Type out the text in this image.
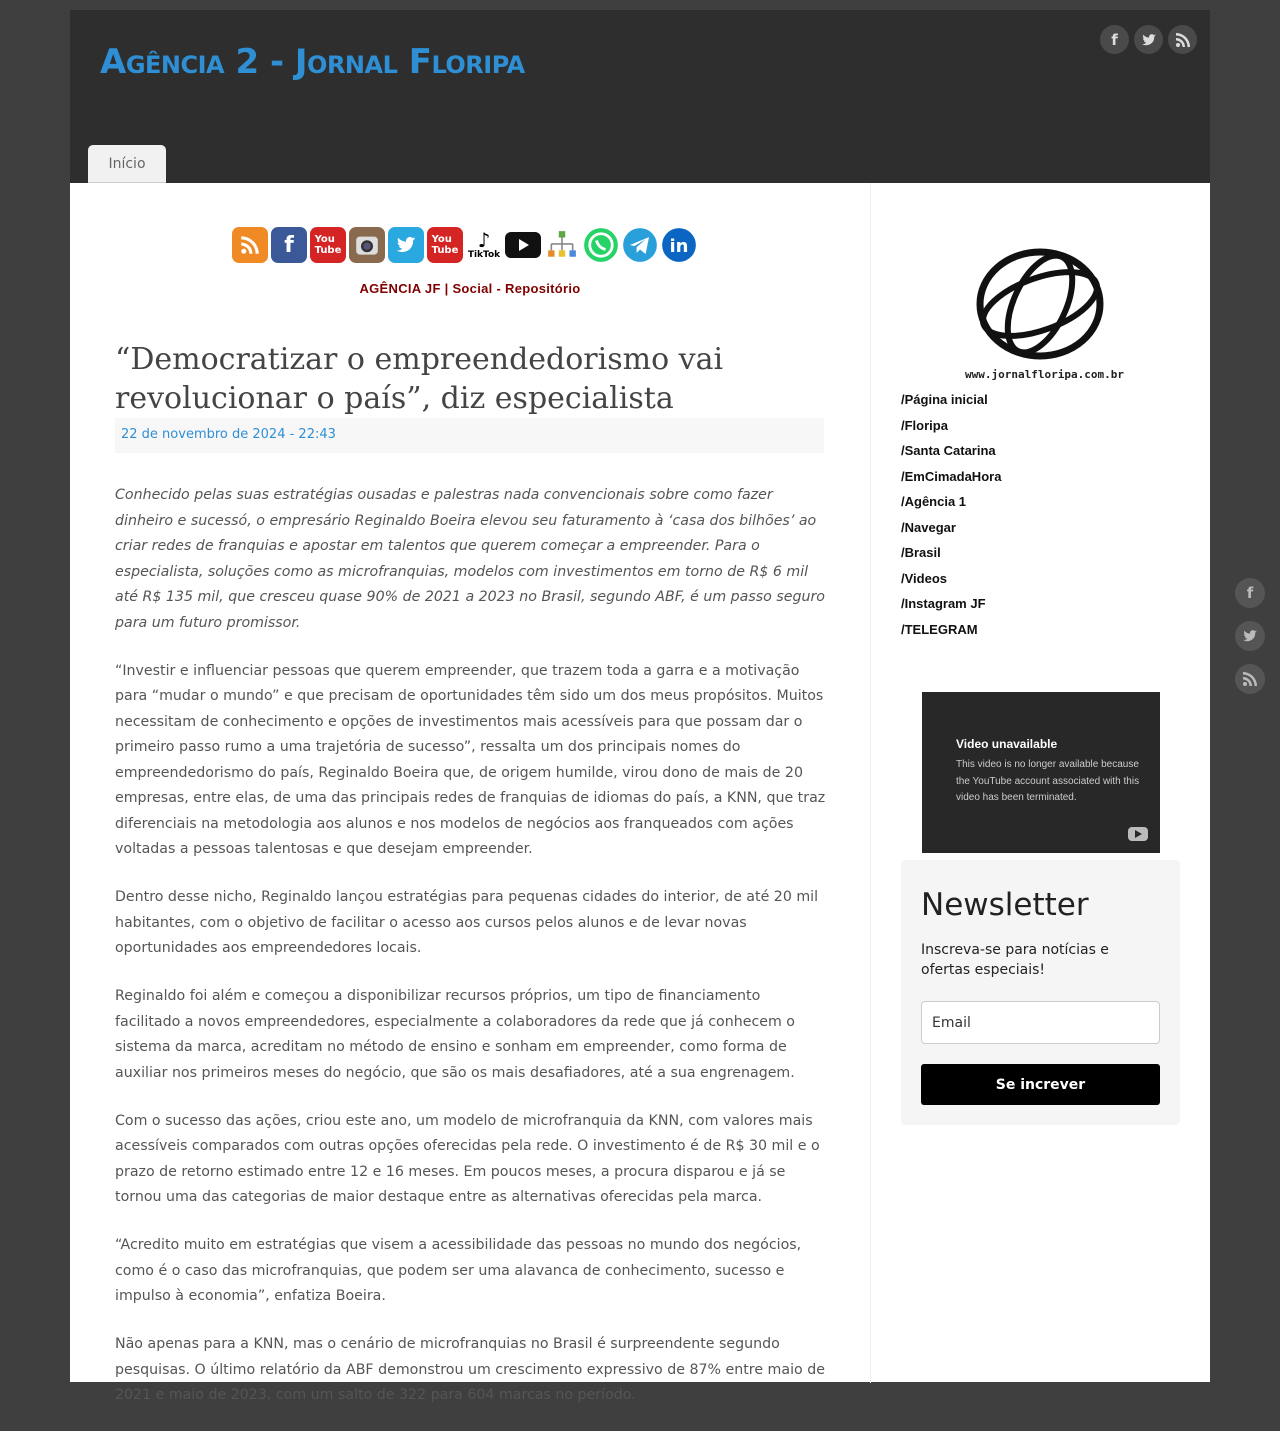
Agência 2 - Jornal Floripa
f
Início
f	You
Tube
You
Tube ♪
TikTok	in
AGÊNCIA JF | Social - Repositório
“Democratizar o empreendedorismo vai revolucionar o país”, diz especialista
22 de novembro de 2024 - 22:43

Conhecido pelas suas estratégias ousadas e palestras nada convencionais sobre como fazer dinheiro e sucessó, o empresário Reginaldo Boeira elevou seu faturamento à ‘casa dos bilhões’ ao criar redes de franquias e apostar em talentos que querem começar a empreender. Para o especialista, soluções como as microfranquias, modelos com investimentos em torno de R$ 6 mil até R$ 135 mil, que cresceu quase 90% de 2021 a 2023 no Brasil, segundo ABF, é um passo seguro para um futuro promissor.

“Investir e influenciar pessoas que querem empreender, que trazem toda a garra e a motivação para “mudar o mundo” e que precisam de oportunidades têm sido um dos meus propósitos. Muitos necessitam de conhecimento e opções de investimentos mais acessíveis para que possam dar o primeiro passo rumo a uma trajetória de sucesso”, ressalta um dos principais nomes do empreendedorismo do país, Reginaldo Boeira que, de origem humilde, virou dono de mais de 20 empresas, entre elas, de uma das principais redes de franquias de idiomas do país, a KNN, que traz diferenciais na metodologia aos alunos e nos modelos de negócios aos franqueados com ações voltadas a pessoas talentosas e que desejam empreender.

Dentro desse nicho, Reginaldo lançou estratégias para pequenas cidades do interior, de até 20 mil habitantes, com o objetivo de facilitar o acesso aos cursos pelos alunos e de levar novas oportunidades aos empreendedores locais.

Reginaldo foi além e começou a disponibilizar recursos próprios, um tipo de financiamento facilitado a novos empreendedores, especialmente a colaboradores da rede que já conhecem o sistema da marca, acreditam no método de ensino e sonham em empreender, como forma de auxiliar nos primeiros meses do negócio, que são os mais desafiadores, até a sua engrenagem.

Com o sucesso das ações, criou este ano, um modelo de microfranquia da KNN, com valores mais acessíveis comparados com outras opções oferecidas pela rede. O investimento é de R$ 30 mil e o prazo de retorno estimado entre 12 e 16 meses. Em poucos meses, a procura disparou e já se tornou uma das categorias de maior destaque entre as alternativas oferecidas pela marca.

“Acredito muito em estratégias que visem a acessibilidade das pessoas no mundo dos negócios, como é o caso das microfranquias, que podem ser uma alavanca de conhecimento, sucesso e impulso à economia”, enfatiza Boeira.

Não apenas para a KNN, mas o cenário de microfranquias no Brasil é surpreendente segundo pesquisas. O último relatório da ABF demonstrou um crescimento expressivo de 87% entre maio de 2021 e maio de 2023, com um salto de 322 para 604 marcas no período.

www.jornalfloripa.com.br
/Página inicial
/Floripa
/Santa Catarina
/EmCimadaHora
/Agência 1
/Navegar
/Brasil
/Videos
/Instagram JF
/TELEGRAM
Video unavailable
This video is no longer available because the YouTube account associated with this video has been terminated.
Newsletter
Inscreva-se para notícias e ofertas especiais!
Email
Se increver
f
